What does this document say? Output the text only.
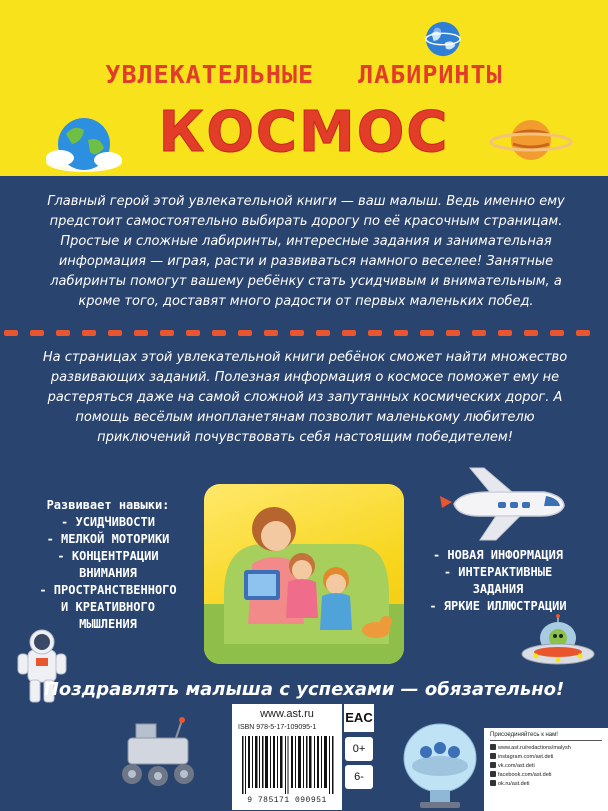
УВЛЕКАТЕЛЬНЫЕ ЛАБИРИНТЫ
КОСМОС
Главный герой этой увлекательной книги — ваш малыш. Ведь именно ему предстоит самостоятельно выбирать дорогу по её красочным страницам. Простые и сложные лабиринты, интересные задания и занимательная информация — играя, расти и развиваться намного веселее! Занятные лабиринты помогут вашему ребёнку стать усидчивым и внимательным, а кроме того, доставят много радости от первых маленьких побед.
На страницах этой увлекательной книги ребёнок сможет найти множество развивающих заданий. Полезная информация о космосе поможет ему не растеряться даже на самой сложной из запутанных космических дорог. А помощь весёлым инопланетянам позволит маленькому любителю приключений почувствовать себя настоящим победителем!
Развивает навыки:
- УСИДЧИВОСТИ
- МЕЛКОЙ МОТОРИКИ
- КОНЦЕНТРАЦИИ
ВНИМАНИЯ
- ПРОСТРАНСТВЕННОГО
И КРЕАТИВНОГО
МЫШЛЕНИЯ
- НОВАЯ ИНФОРМАЦИЯ
- ИНТЕРАКТИВНЫЕ
ЗАДАНИЯ
- ЯРКИЕ ИЛЛЮСТРАЦИИ
Поздравлять малыша с успехами — обязательно!
www.ast.ru
ISBN 978-5-17-109095-1
9 785171 090951
EAC
0+
6-
Присоединяйтесь к нам!
www.ast.ru/redactions/malysh
instagram.com/ast.deti
vk.com/ast.deti
facebook.com/ast.deti
ok.ru/ast.deti
